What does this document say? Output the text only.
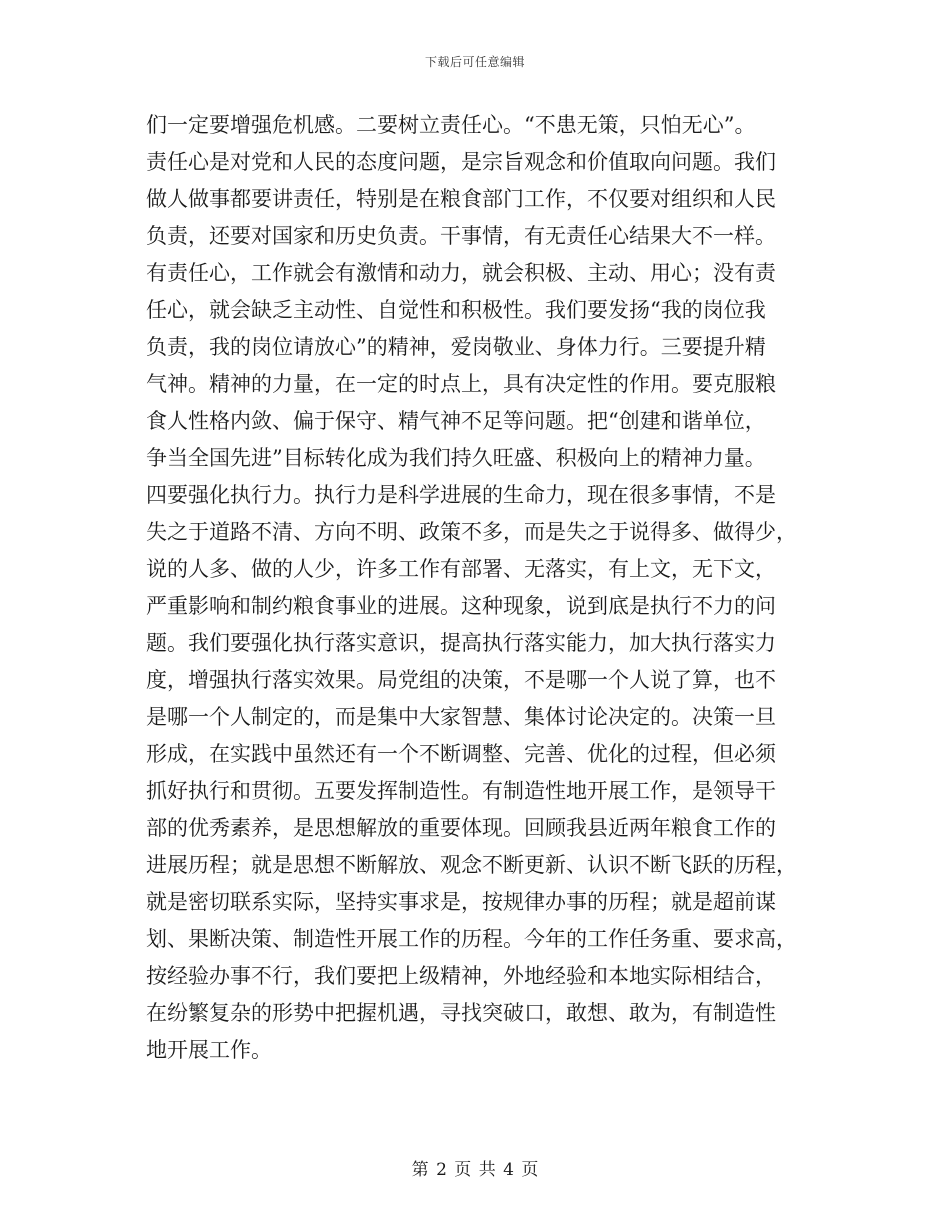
下载后可任意编辑
们一定要增强危机感。二要树立责任心。“不患无策，只怕无心”。
责任心是对党和人民的态度问题，是宗旨观念和价值取向问题。我们
做人做事都要讲责任，特别是在粮食部门工作，不仅要对组织和人民
负责，还要对国家和历史负责。干事情，有无责任心结果大不一样。
有责任心，工作就会有激情和动力，就会积极、主动、用心；没有责
任心，就会缺乏主动性、自觉性和积极性。我们要发扬“我的岗位我
负责，我的岗位请放心”的精神，爱岗敬业、身体力行。三要提升精
气神。精神的力量，在一定的时点上，具有决定性的作用。要克服粮
食人性格内敛、偏于保守、精气神不足等问题。把“创建和谐单位，
争当全国先进”目标转化成为我们持久旺盛、积极向上的精神力量。
四要强化执行力。执行力是科学进展的生命力，现在很多事情，不是
失之于道路不清、方向不明、政策不多，而是失之于说得多、做得少，
说的人多、做的人少，许多工作有部署、无落实，有上文，无下文，
严重影响和制约粮食事业的进展。这种现象，说到底是执行不力的问
题。我们要强化执行落实意识，提高执行落实能力，加大执行落实力
度，增强执行落实效果。局党组的决策，不是哪一个人说了算，也不
是哪一个人制定的，而是集中大家智慧、集体讨论决定的。决策一旦
形成，在实践中虽然还有一个不断调整、完善、优化的过程，但必须
抓好执行和贯彻。五要发挥制造性。有制造性地开展工作，是领导干
部的优秀素养，是思想解放的重要体现。回顾我县近两年粮食工作的
进展历程；就是思想不断解放、观念不断更新、认识不断飞跃的历程，
就是密切联系实际，坚持实事求是，按规律办事的历程；就是超前谋
划、果断决策、制造性开展工作的历程。今年的工作任务重、要求高，
按经验办事不行，我们要把上级精神，外地经验和本地实际相结合，
在纷繁复杂的形势中把握机遇，寻找突破口，敢想、敢为，有制造性
地开展工作。
第 2 页 共 4 页
